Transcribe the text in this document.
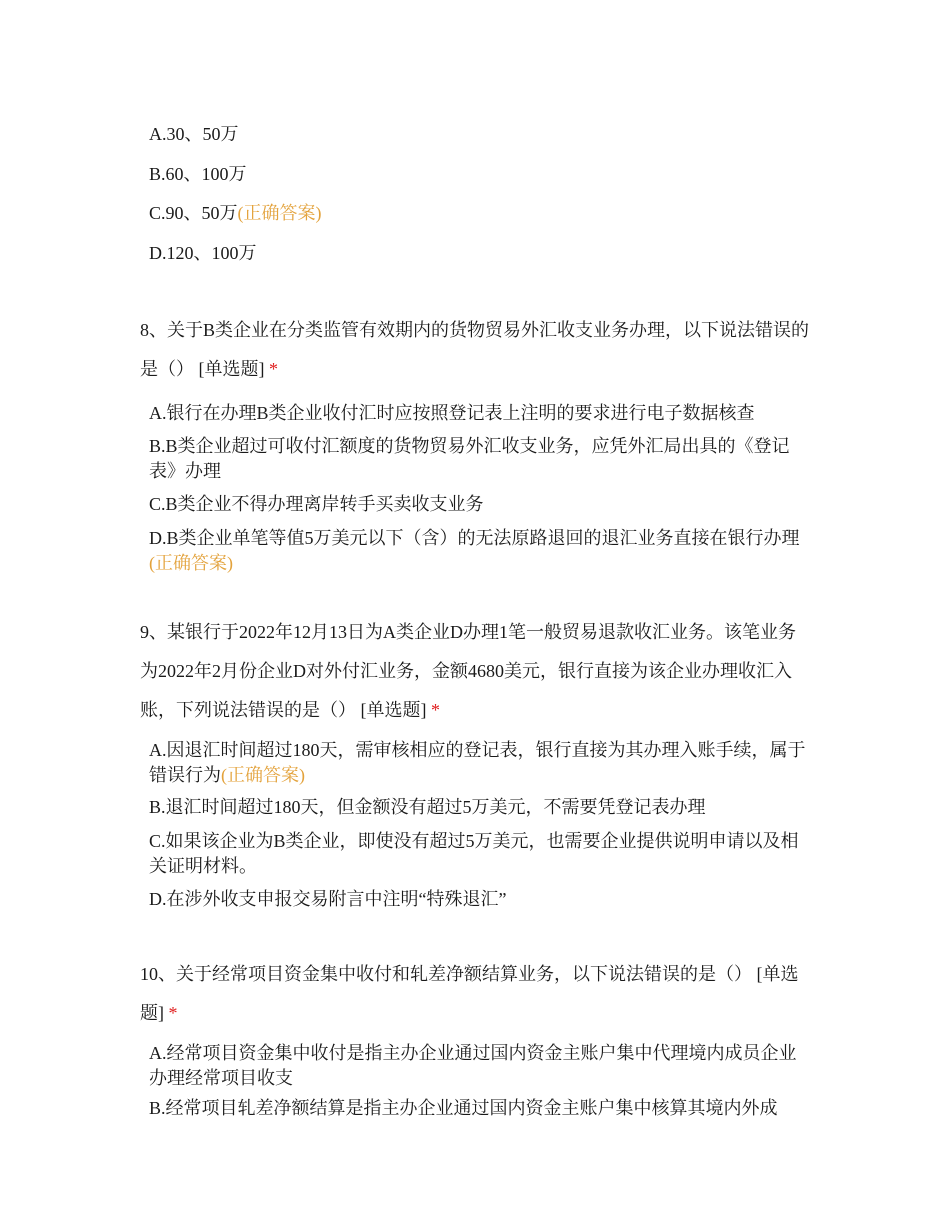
A.30、50万

B.60、100万

C.90、50万(正确答案)

D.120、100万

8、关于B类企业在分类监管有效期内的货物贸易外汇收支业务办理，以下说法错误的是（） [单选题] *

A.银行在办理B类企业收付汇时应按照登记表上注明的要求进行电子数据核查

B.B类企业超过可收付汇额度的货物贸易外汇收支业务，应凭外汇局出具的《登记表》办理

C.B类企业不得办理离岸转手买卖收支业务

D.B类企业单笔等值5万美元以下（含）的无法原路退回的退汇业务直接在银行办理(正确答案)

9、某银行于2022年12月13日为A类企业D办理1笔一般贸易退款收汇业务。该笔业务为2022年2月份企业D对外付汇业务，金额4680美元，银行直接为该企业办理收汇入账，下列说法错误的是（） [单选题] *

A.因退汇时间超过180天，需审核相应的登记表，银行直接为其办理入账手续，属于错误行为(正确答案)

B.退汇时间超过180天，但金额没有超过5万美元，不需要凭登记表办理

C.如果该企业为B类企业，即使没有超过5万美元，也需要企业提供说明申请以及相关证明材料。

D.在涉外收支申报交易附言中注明“特殊退汇”

10、关于经常项目资金集中收付和轧差净额结算业务，以下说法错误的是（） [单选题] *

A.经常项目资金集中收付是指主办企业通过国内资金主账户集中代理境内成员企业办理经常项目收支

B.经常项目轧差净额结算是指主办企业通过国内资金主账户集中核算其境内外成
